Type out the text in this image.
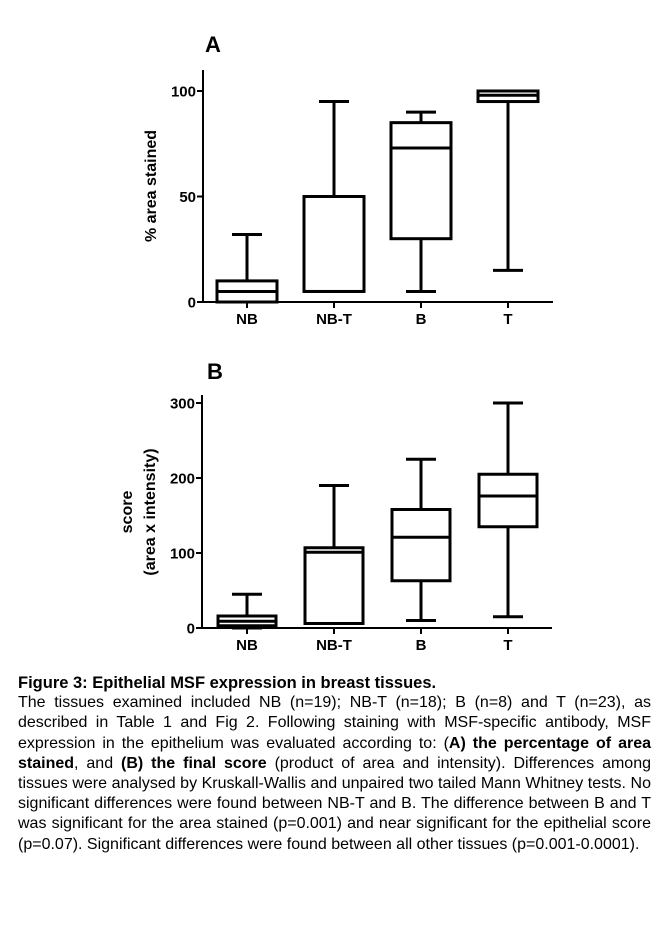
A
0
50
100
% area stained
NB	NB-T	B	T
B
0
100
200
300
score (area x intensity)
NB	NB-T	B	T
Figure 3: Epithelial MSF expression in breast tissues.
The tissues examined included NB (n=19); NB-T (n=18); B (n=8) and T (n=23), as described in Table 1 and Fig 2. Following staining with MSF-specific antibody, MSF expression in the epithelium was evaluated according to: (A) the percentage of area stained, and (B) the final score (product of area and intensity). Differences among tissues were analysed by Kruskall-Wallis and unpaired two tailed Mann Whitney tests. No significant differences were found between NB-T and B. The difference between B and T was significant for the area stained (p=0.001) and near significant for the epithelial score (p=0.07). Significant differences were found between all other tissues (p=0.001-0.0001).
